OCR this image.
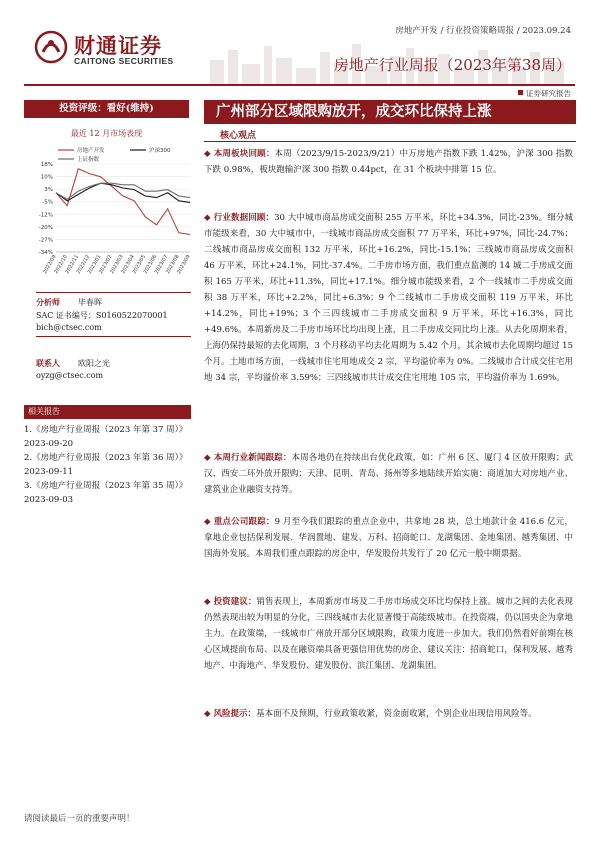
财通证券
CAITONG SECURITIES
房地产开发 / 行业投资策略周报 / 2023.09.24
房地产行业周报（2023年第38周）
证券研究报告
投资评级：看好(维持)
最近 12 月市场表现
房地产开发	沪深300
上证指数
18%
10%
3%
-5%
-12%
-20%
-27%
-34%
2022/09
2022/10
2022/11
2022/12
2023/01
2023/02
2023/03
2023/04
2023/05
2023/06
2023/07
2023/08
2023/09
分析师 毕春晖
SAC 证书编号：S0160522070001
bich@ctsec.com
联系人 欧阳之光
oyzg@ctsec.com
相关报告
1.《房地产行业周报（2023 年第 37 周）》
2023-09-20
2.《房地产行业周报（2023 年第 36 周）》
2023-09-11
3.《房地产行业周报（2023 年第 35 周）》
2023-09-03
请阅读最后一页的重要声明！
广州部分区域限购放开，成交环比保持上涨
核心观点
◆ 本周板块回顾：本周（2023/9/15-2023/9/21）中万房地产指数下跌 1.42%，沪深 300 指数下跌 0.98%，板块跑输沪深 300 指数 0.44pct，在 31 个板块中排第 15 位。
◆ 行业数据回顾：30 大中城市商品房成交面积 255 万平米，环比+34.3%，同比-23%。细分城市能级来看，30 大中城市中，一线城市商品房成交面积 77 万平米，环比+97%，同比-24.7%；二线城市商品房成交面积 132 万平米，环比+16.2%，同比-15.1%；三线城市商品房成交面积 46 万平米，环比+24.1%，同比-37.4%。二手房市场方面，我们重点监测的 14 城二手房成交面积 165 万平米，环比+11.3%，同比+17.1%。细分城市能级来看，2 个一线城市二手房成交面积 38 万平米，环比+2.2%，同比+6.3%；9 个二线城市二手房成交面积 119 万平米，环比+14.2%，同比+19%；3 个三四线城市二手房成交面积 9 万平米，环比+16.3%，同比+49.6%。本周新房及二手房市场环比均出现上涨，且二手房成交同比均上涨。从去化周期来看，上海仍保持最短的去化周期，3 个月移动平均去化周期为 5.42 个月，其余城市去化周期均超过 15 个月。土地市场方面，一线城市住宅用地成交 2 宗，平均溢价率为 0%。二线城市合计成交住宅用地 34 宗，平均溢价率 3.59%；三四线城市共计成交住宅用地 105 宗，平均溢价率为 1.69%。
◆ 本周行业新闻跟踪：本周各地仍在持续出台优化政策，如：广州 6 区、厦门 4 区放开限购；武汉、西安二环外放开限购；天津、昆明、青岛、扬州等多地陆续开始实施：商道加大对房地产业、建筑业企业融资支持等。
◆ 重点公司跟踪：9 月至今我们跟踪的重点企业中，共拿地 28 块，总土地款计金 416.6 亿元，拿地企业包括保利发展、华润置地、建发、万科、招商蛇口、龙湖集团、金地集团、越秀集团、中国海外发展。本周我们重点跟踪的房企中，华发股份共发行了 20 亿元一般中期票据。
◆ 投资建议：销售表现上，本周新房市场及二手房市场成交环比均保持上涨。城市之间的去化表现仍然表现出较为明显的分化，三四线城市去化显著慢于高能级城市。在投资端，仍以国央企为拿地主力。在政策端，一线城市广州放开部分区域限购，政策力度进一步加大。我们仍然看好前期在核心区域提前布局、以及在融资端具备更强信用优势的房企，建议关注：招商蛇口，保利发展、越秀地产、中海地产、华发股份、建发股份、滨江集团、龙湖集团。
◆ 风险提示：基本面不及预期，行业政策收紧，资金面收紧，个别企业出现信用风险等。
